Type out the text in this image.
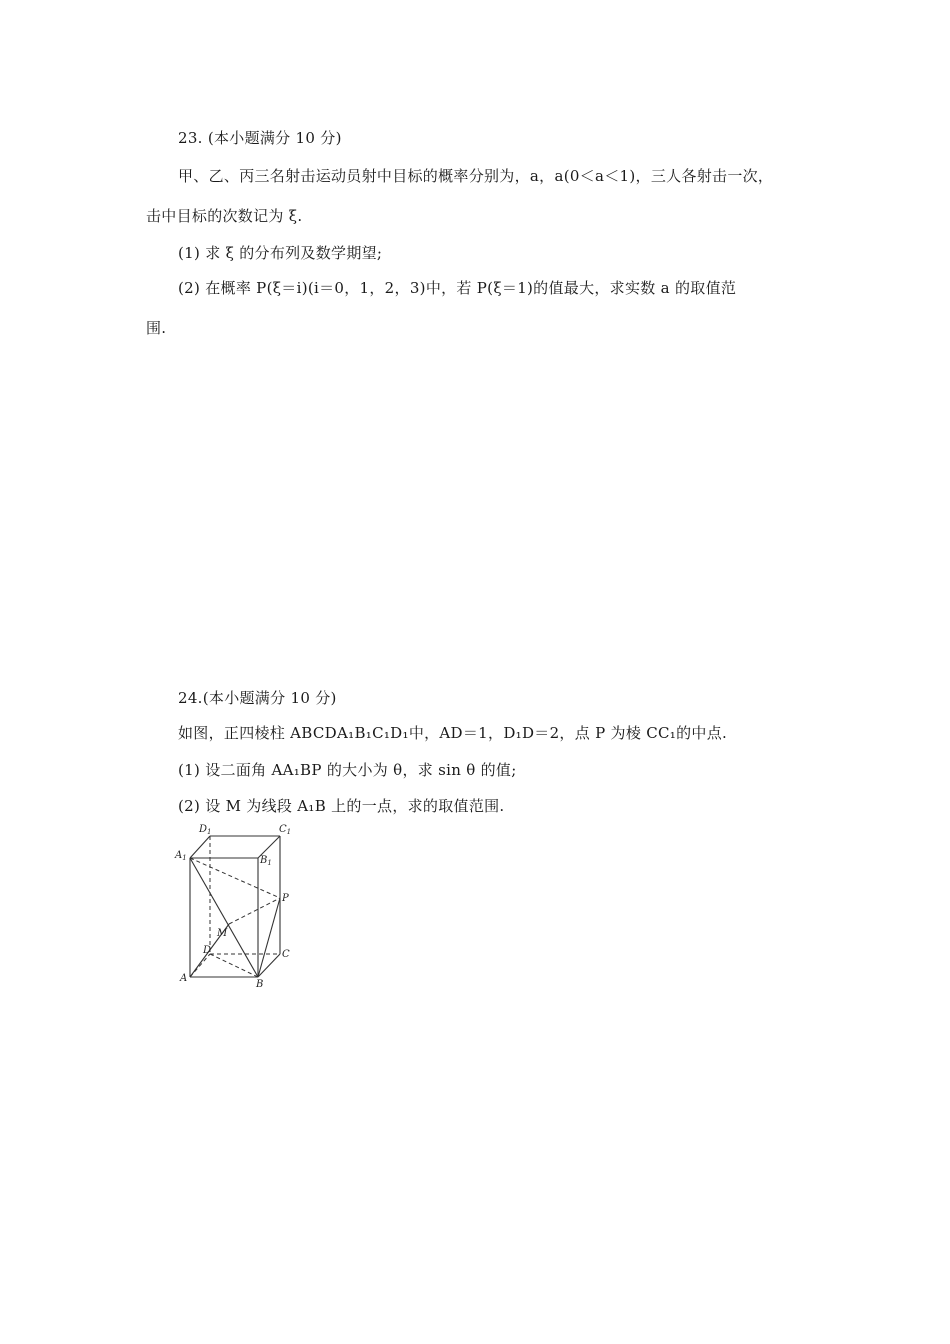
23. (本小题满分 10 分)
甲、乙、丙三名射击运动员射中目标的概率分别为，a，a(0＜a＜1)，三人各射击一次，
击中目标的次数记为 ξ.
(1) 求 ξ 的分布列及数学期望;
(2) 在概率 P(ξ＝i)(i＝0，1，2，3)中，若 P(ξ＝1)的值最大，求实数 a 的取值范
围.
24.(本小题满分 10 分)
如图，正四棱柱 ABCDA₁B₁C₁D₁中，AD＝1，D₁D＝2，点 P 为棱 CC₁的中点.
(1) 设二面角 AA₁BP 的大小为 θ，求 sin θ 的值;
(2) 设 M 为线段 A₁B 上的一点，求的取值范围.
$D_1$	$C_1$
$A_1$	$B_1$
P
M
D	C
A
B
